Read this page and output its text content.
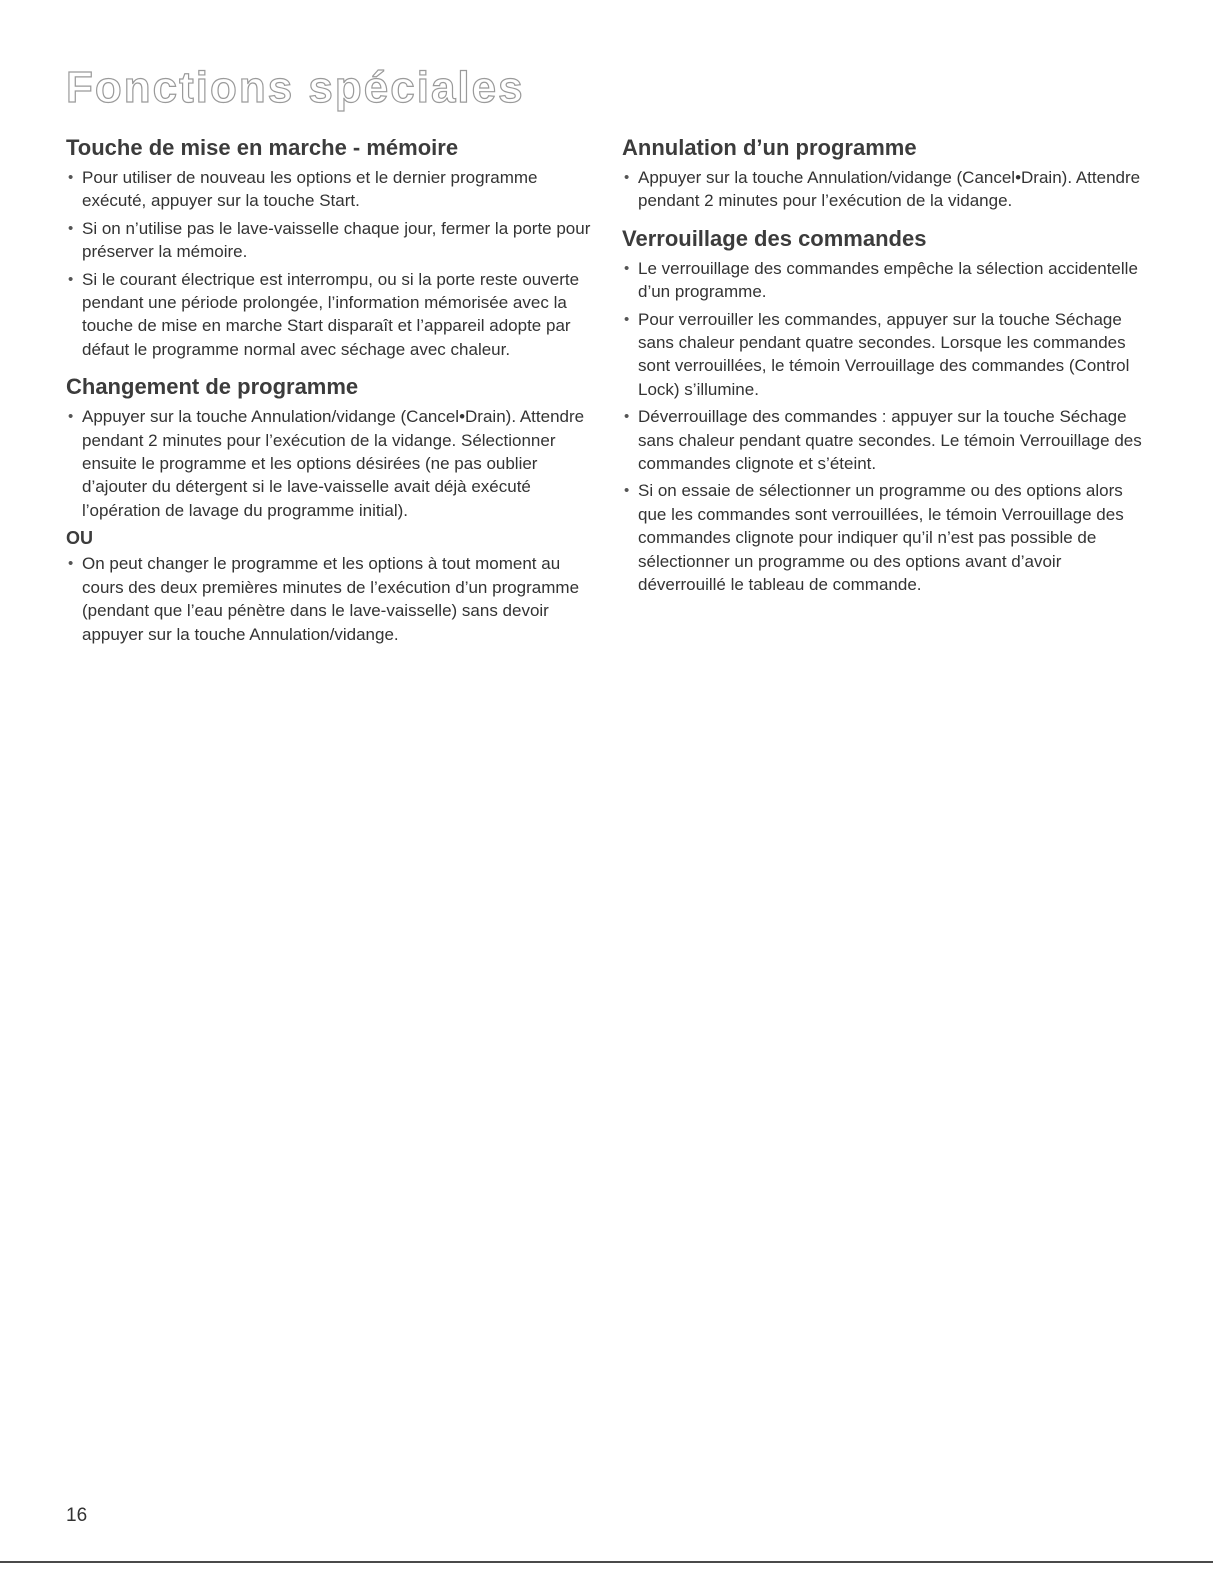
Fonctions spéciales
Touche de mise en marche - mémoire

• Pour utiliser de nouveau les options et le dernier programme exécuté, appuyer sur la touche Start.

• Si on n’utilise pas le lave-vaisselle chaque jour, fermer la porte pour préserver la mémoire.

• Si le courant électrique est interrompu, ou si la porte reste ouverte pendant une période prolongée, l’information mémorisée avec la touche de mise en marche Start disparaît et l’appareil adopte par défaut le programme normal avec séchage avec chaleur.

Changement de programme

• Appuyer sur la touche Annulation/vidange (Cancel•Drain). Attendre pendant 2 minutes pour l’exécution de la vidange. Sélectionner ensuite le programme et les options désirées (ne pas oublier d’ajouter du détergent si le lave-vaisselle avait déjà exécuté l’opération de lavage du programme initial).

OU

• On peut changer le programme et les options à tout moment au cours des deux premières minutes de l’exécution d’un programme (pendant que l’eau pénètre dans le lave-vaisselle) sans devoir appuyer sur la touche Annulation/vidange.

Annulation d’un programme

• Appuyer sur la touche Annulation/vidange (Cancel•Drain). Attendre pendant 2 minutes pour l’exécution de la vidange.

Verrouillage des commandes

• Le verrouillage des commandes empêche la sélection accidentelle d’un programme.

• Pour verrouiller les commandes, appuyer sur la touche Séchage sans chaleur pendant quatre secondes. Lorsque les commandes sont verrouillées, le témoin Verrouillage des commandes (Control Lock) s’illumine.

• Déverrouillage des commandes : appuyer sur la touche Séchage sans chaleur pendant quatre secondes. Le témoin Verrouillage des commandes clignote et s’éteint.

• Si on essaie de sélectionner un programme ou des options alors que les commandes sont verrouillées, le témoin Verrouillage des commandes clignote pour indiquer qu’il n’est pas possible de sélectionner un programme ou des options avant d’avoir déverrouillé le tableau de commande.

16
